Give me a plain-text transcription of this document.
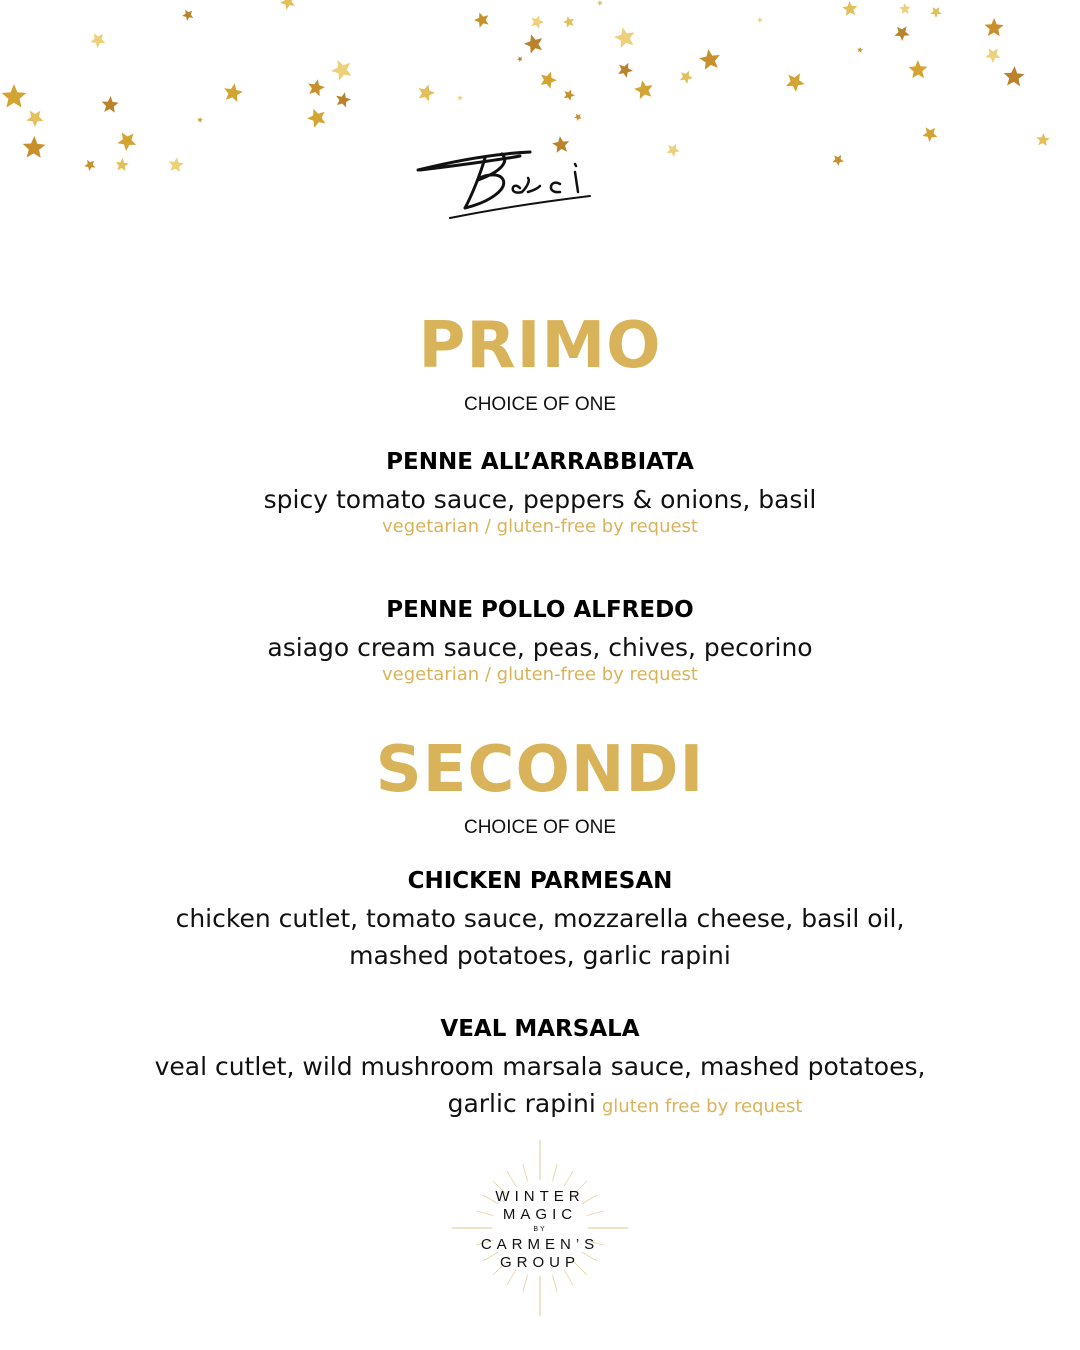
PRIMO
CHOICE OF ONE
PENNE ALL’ARRABBIATA
spicy tomato sauce, peppers & onions, basil
vegetarian / gluten-free by request
PENNE POLLO ALFREDO
asiago cream sauce, peas, chives, pecorino
vegetarian / gluten-free by request
SECONDI
CHOICE OF ONE
CHICKEN PARMESAN
chicken cutlet, tomato sauce, mozzarella cheese, basil oil,
mashed potatoes, garlic rapini
VEAL MARSALA
veal cutlet, wild mushroom marsala sauce, mashed potatoes,
garlic rapini gluten free by request
WINTER
MAGIC
BY
CARMEN’S
GROUP
